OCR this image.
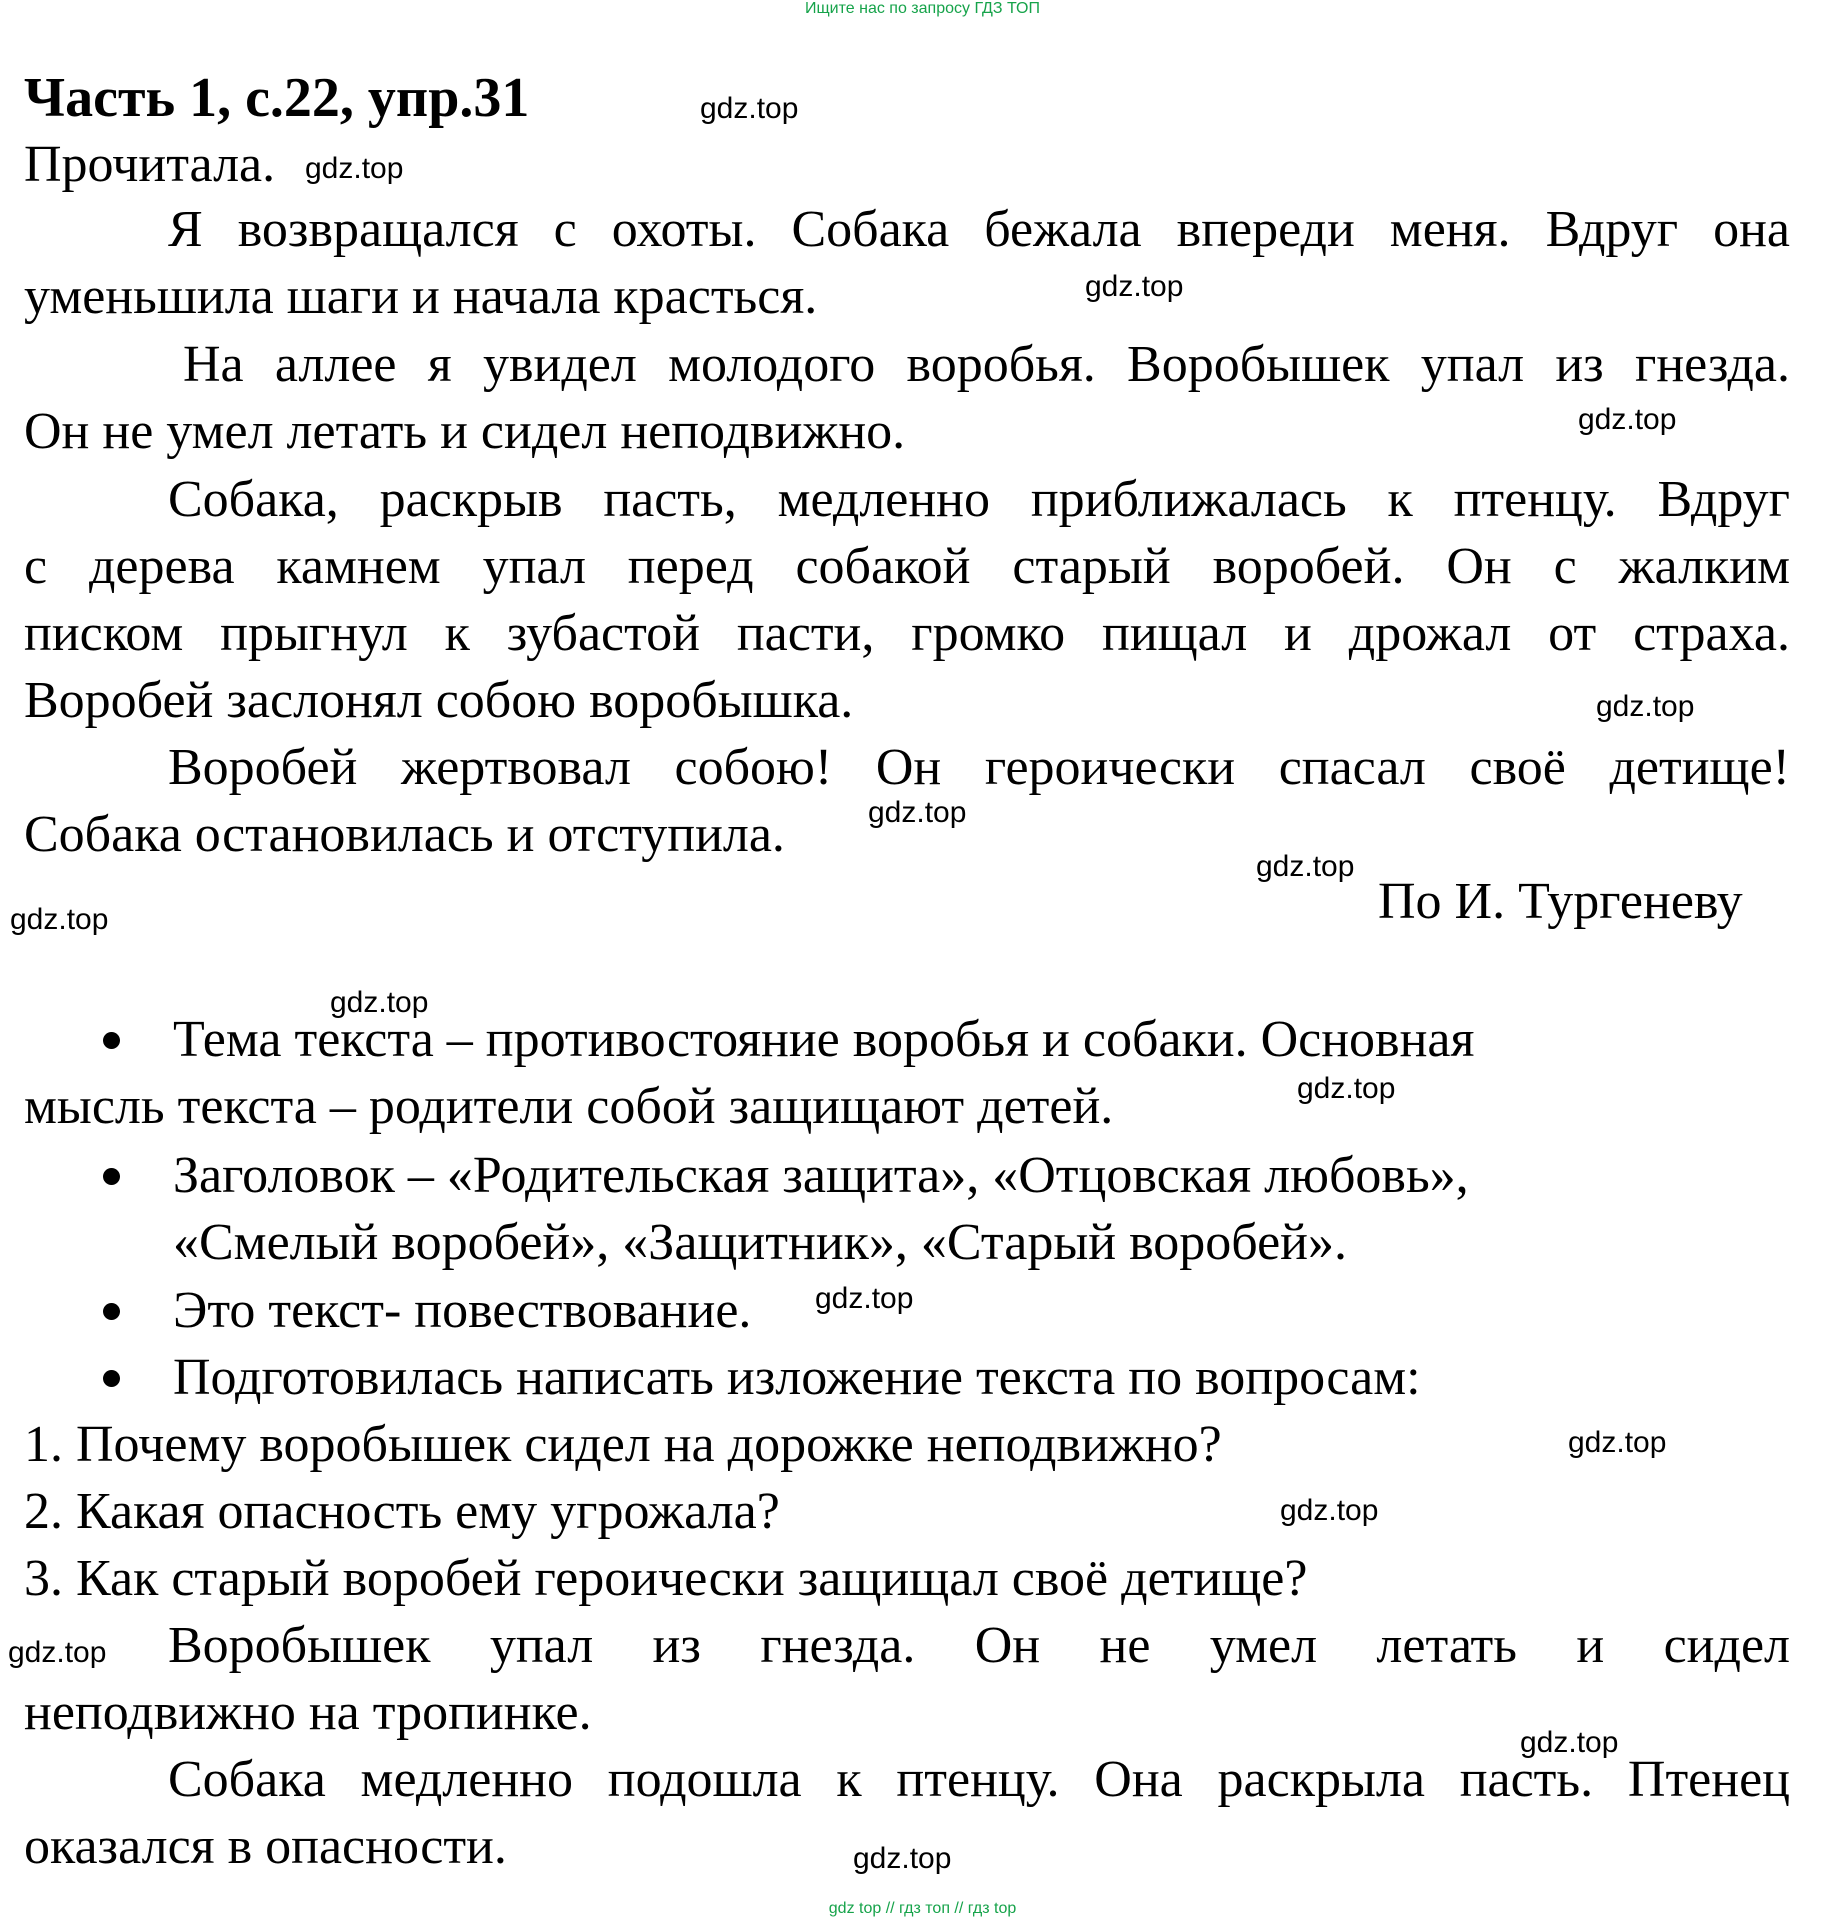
Ищите нас по запросу ГДЗ ТОП
Часть 1, с.22, упр.31	gdz.top
gdz.top
gdz.top
gdz.top
gdz.top
gdz.top
gdz.top
gdz.top
gdz.top
gdz.top
gdz.top
gdz.top
gdz.top
gdz.top
gdz.top
gdz.top
Прочитала.
Я возвращался с охоты. Собака бежала впереди меня. Вдруг она
уменьшила шаги и начала красться.
На аллее я увидел молодого воробья. Воробышек упал из гнезда.
Он не умел летать и сидел неподвижно.
Собака, раскрыв пасть, медленно приближалась к птенцу. Вдруг
с дерева камнем упал перед собакой старый воробей. Он с жалким
писком прыгнул к зубастой пасти, громко пищал и дрожал от страха.
Воробей заслонял собою воробышка.
Воробей жертвовал собою! Он героически спасал своё детище!
Собака остановилась и отступила.
По И. Тургеневу
Тема текста – противостояние воробья и собаки. Основная
мысль текста – родители собой защищают детей.
Заголовок – «Родительская защита», «Отцовская любовь»,
«Смелый воробей», «Защитник», «Старый воробей».
Это текст- повествование.
Подготовилась написать изложение текста по вопросам:
1. Почему воробышек сидел на дорожке неподвижно?
2. Какая опасность ему угрожала?
3. Как старый воробей героически защищал своё детище?
Воробышек упал из гнезда. Он не умел летать и сидел
неподвижно на тропинке.
Собака медленно подошла к птенцу. Она раскрыла пасть. Птенец
оказался в опасности.
gdz top // гдз топ // гдз top
